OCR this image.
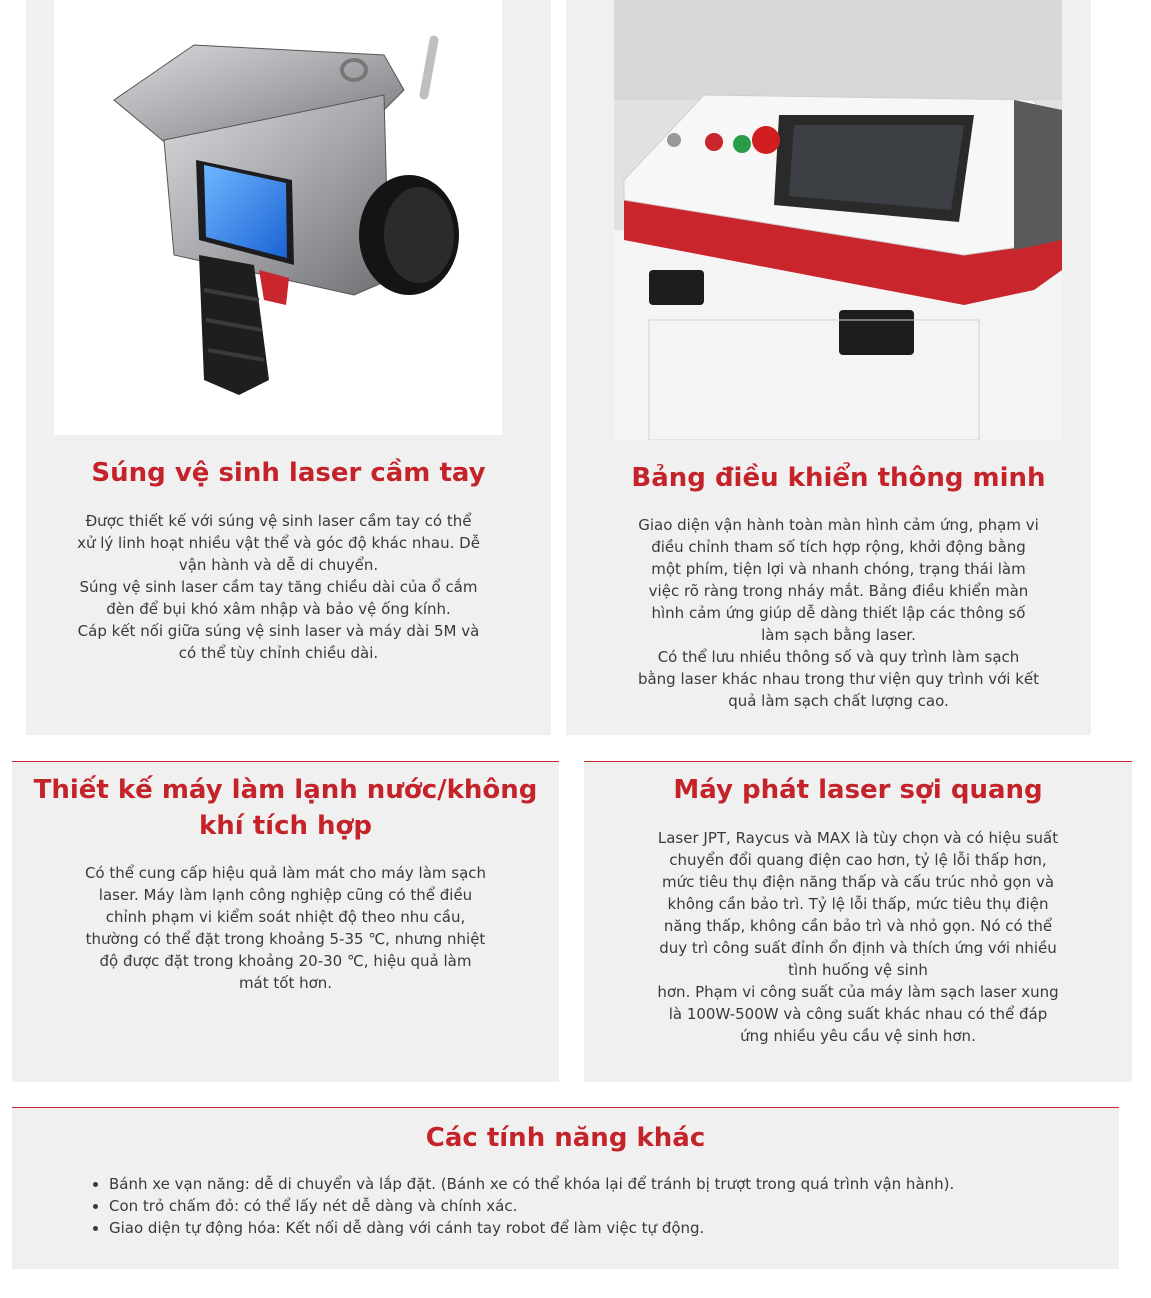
Súng vệ sinh laser cầm tay

Được thiết kế với súng vệ sinh laser cầm tay có thể

xử lý linh hoạt nhiều vật thể và góc độ khác nhau. Dễ

vận hành và dễ di chuyển.

Súng vệ sinh laser cầm tay tăng chiều dài của ổ cắm

đèn để bụi khó xâm nhập và bảo vệ ống kính.

Cáp kết nối giữa súng vệ sinh laser và máy dài 5M và

có thể tùy chỉnh chiều dài.

Bảng điều khiển thông minh

Giao diện vận hành toàn màn hình cảm ứng, phạm vi

điều chỉnh tham số tích hợp rộng, khởi động bằng

một phím, tiện lợi và nhanh chóng, trạng thái làm

việc rõ ràng trong nháy mắt. Bảng điều khiển màn

hình cảm ứng giúp dễ dàng thiết lập các thông số

làm sạch bằng laser.

Có thể lưu nhiều thông số và quy trình làm sạch

bằng laser khác nhau trong thư viện quy trình với kết

quả làm sạch chất lượng cao.

Thiết kế máy làm lạnh nước/không
khí tích hợp

Có thể cung cấp hiệu quả làm mát cho máy làm sạch

laser. Máy làm lạnh công nghiệp cũng có thể điều

chỉnh phạm vi kiểm soát nhiệt độ theo nhu cầu,

thường có thể đặt trong khoảng 5-35 ℃, nhưng nhiệt

độ được đặt trong khoảng 20-30 ℃, hiệu quả làm

mát tốt hơn.

Máy phát laser sợi quang

Laser JPT, Raycus và MAX là tùy chọn và có hiệu suất

chuyển đổi quang điện cao hơn, tỷ lệ lỗi thấp hơn,

mức tiêu thụ điện năng thấp và cấu trúc nhỏ gọn và

không cần bảo trì. Tỷ lệ lỗi thấp, mức tiêu thụ điện

năng thấp, không cần bảo trì và nhỏ gọn. Nó có thể

duy trì công suất đỉnh ổn định và thích ứng với nhiều

tình huống vệ sinh

hơn. Phạm vi công suất của máy làm sạch laser xung

là 100W-500W và công suất khác nhau có thể đáp

ứng nhiều yêu cầu vệ sinh hơn.

Các tính năng khác
• Bánh xe vạn năng: dễ di chuyển và lắp đặt. (Bánh xe có thể khóa lại để tránh bị trượt trong quá trình vận hành).
• Con trỏ chấm đỏ: có thể lấy nét dễ dàng và chính xác.
• Giao diện tự động hóa: Kết nối dễ dàng với cánh tay robot để làm việc tự động.
